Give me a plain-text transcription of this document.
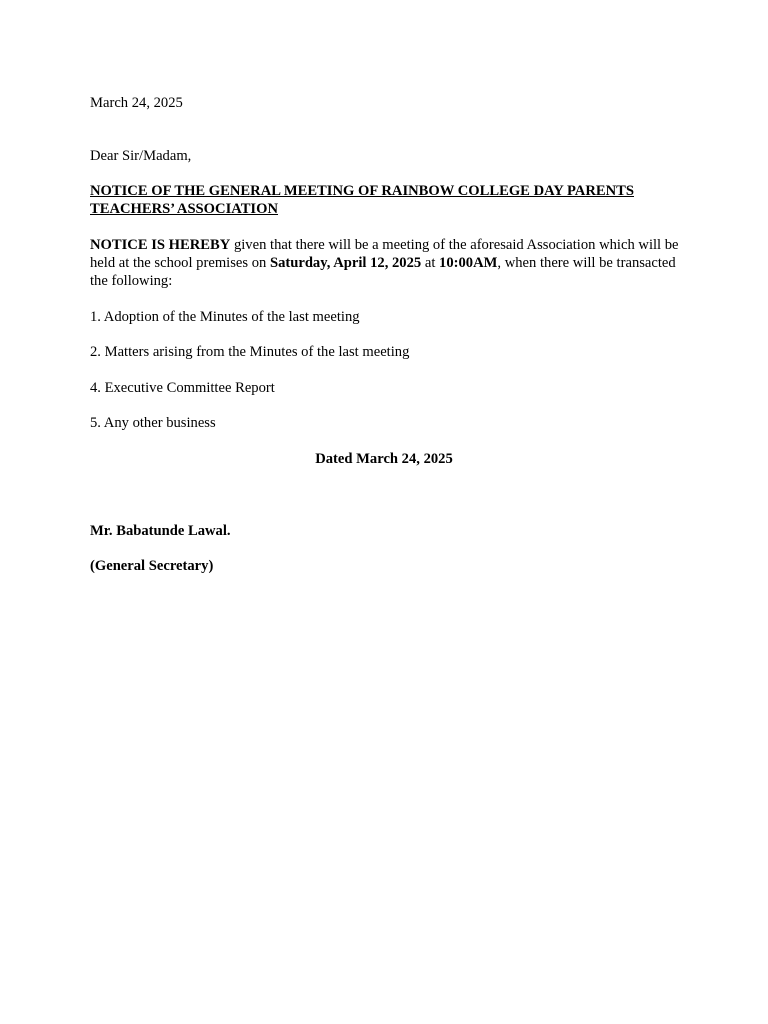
March 24, 2025

Dear Sir/Madam,

NOTICE OF THE GENERAL MEETING OF RAINBOW COLLEGE DAY PARENTS TEACHERS’ ASSOCIATION

NOTICE IS HEREBY given that there will be a meeting of the aforesaid Association which will be held at the school premises on Saturday, April 12, 2025 at 10:00AM, when there will be transacted the following:

1. Adoption of the Minutes of the last meeting

2. Matters arising from the Minutes of the last meeting

4. Executive Committee Report

5. Any other business

Dated March 24, 2025

Mr. Babatunde Lawal.

(General Secretary)
